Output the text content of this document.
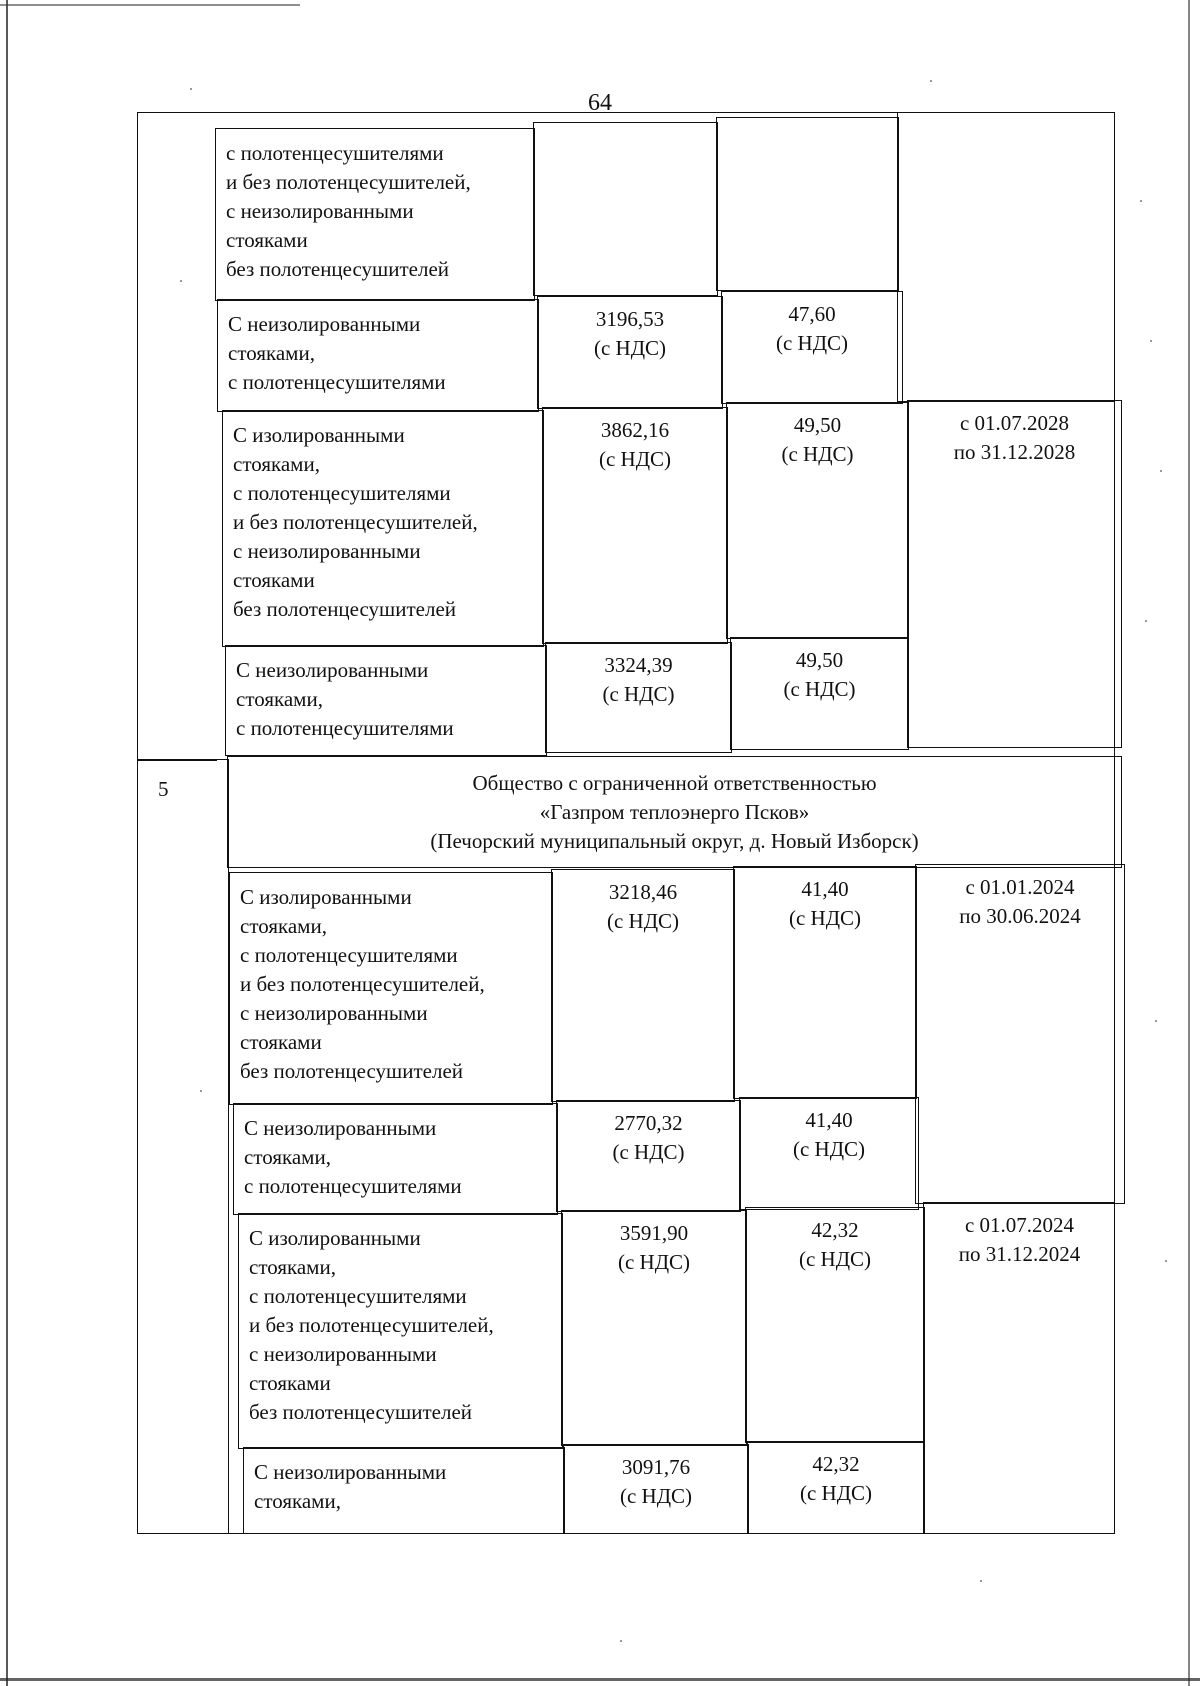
64
с полотенцесушителями
и без полотенцесушителей,
с неизолированными
стояками
без полотенцесушителей
С неизолированными
стояками,
с полотенцесушителями
3196,53
(с НДС)
47,60
(с НДС)
С изолированными
стояками,
с полотенцесушителями
и без полотенцесушителей,
с неизолированными
стояками
без полотенцесушителей
3862,16
(с НДС)
49,50
(с НДС)
с 01.07.2028
по 31.12.2028
С неизолированными
стояками,
с полотенцесушителями
3324,39
(с НДС)
49,50
(с НДС)
5	Общество с ограниченной ответственностью
«Газпром теплоэнерго Псков»
(Печорский муниципальный округ, д. Новый Изборск)
С изолированными
стояками,
с полотенцесушителями
и без полотенцесушителей,
с неизолированными
стояками
без полотенцесушителей
3218,46
(с НДС)
41,40
(с НДС)
с 01.01.2024
по 30.06.2024
С неизолированными
стояками,
с полотенцесушителями
2770,32
(с НДС)
41,40
(с НДС)
С изолированными
стояками,
с полотенцесушителями
и без полотенцесушителей,
с неизолированными
стояками
без полотенцесушителей
3591,90
(с НДС)
42,32
(с НДС)
с 01.07.2024
по 31.12.2024
С неизолированными
стояками,
3091,76
(с НДС)
42,32
(с НДС)
